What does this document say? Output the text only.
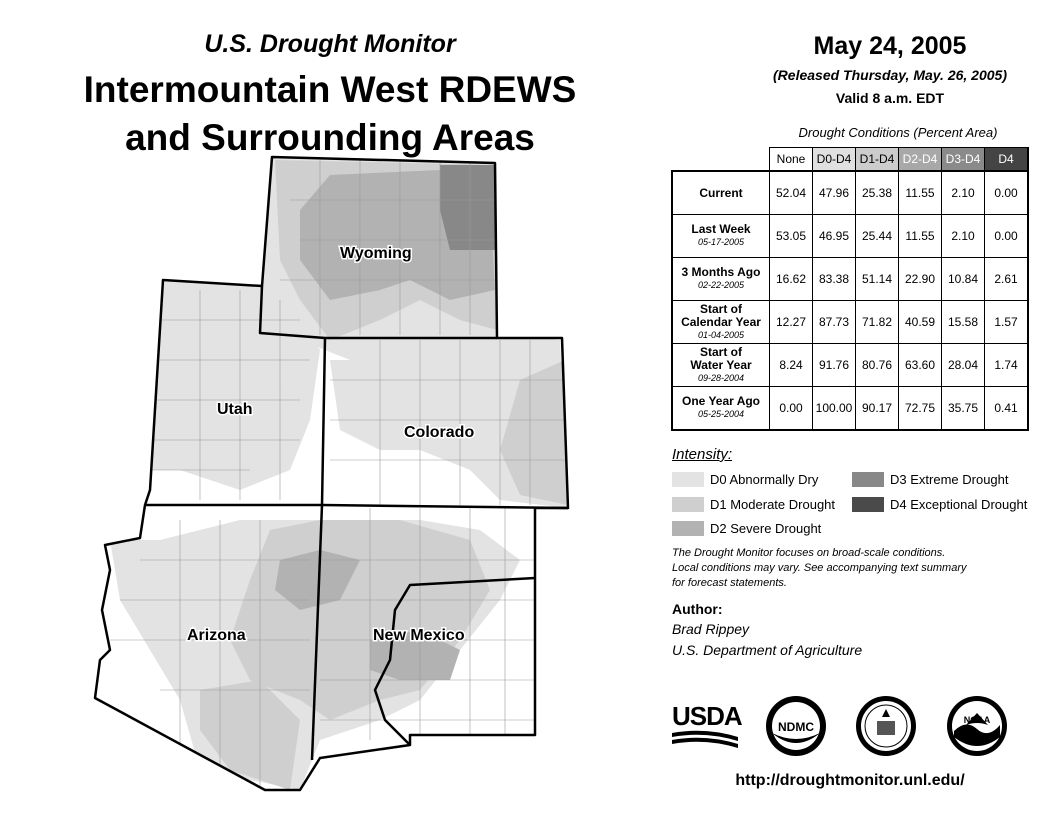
U.S. Drought Monitor
Intermountain West RDEWS
and Surrounding Areas
Wyoming
Utah
Colorado
Arizona	New Mexico
May 24, 2005
(Released Thursday, May. 26, 2005)
Valid 8 a.m. EDT
Drought Conditions (Percent Area)
	None	D0-D4	D1-D4	D2-D4	D3-D4	D4

Current	52.04	47.96	25.38	11.55	2.10	0.00

Last Week
05-17-2005	53.05	46.95	25.44	11.55	2.10	0.00

3 Months Ago
02-22-2005	16.62	83.38	51.14	22.90	10.84	2.61

Start of
Calendar Year
01-04-2005	12.27	87.73	71.82	40.59	15.58	1.57

Start of
Water Year
09-28-2004	8.24	91.76	80.76	63.60	28.04	1.74

One Year Ago
05-25-2004	0.00	100.00	90.17	72.75	35.75	0.41
Intensity:
D0 Abnormally Dry
D1 Moderate Drought
D2 Severe Drought
D3 Extreme Drought
D4 Exceptional Drought
The Drought Monitor focuses on broad-scale conditions.
Local conditions may vary. See accompanying text summary
for forecast statements.
Author:
Brad Rippey
U.S. Department of Agriculture
USDA	NDMC	NOAA
http://droughtmonitor.unl.edu/
